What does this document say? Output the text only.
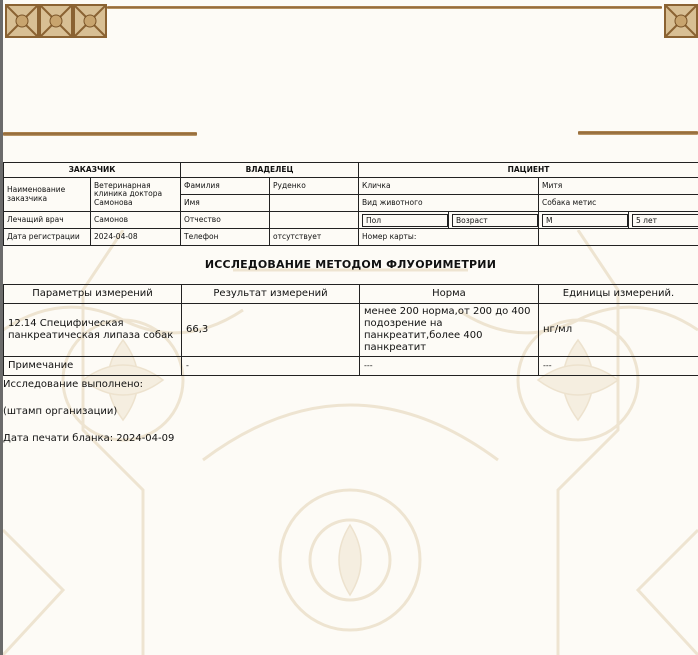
ЗАКАЗЧИК		ВЛАДЕЛЕЦ		ПАЦИЕНТ			
Наименование заказчика	Ветеринарная клиника доктора Самонова	Фамилия	Руденко	Кличка		Митя	
		Имя		Вид животного		Собака метис	
Лечащий врач	Самонов	Отчество		Пол	Возраст	М	5 лет
Дата регистрации	2024-04-08	Телефон	отсутствует	Номер карты:			
ИССЛЕДОВАНИЕ МЕТОДОМ ФЛУОРИМЕТРИИ
Параметры измерений	Результат измерений	Норма	Единицы измерений.
12.14 Специфическая панкреатическая липаза собак	66,3	менее 200 норма,от 200 до 400 подозрение на панкреатит,более 400 панкреатит	нг/мл
Примечание	-	---	---
Исследование выполнено:
(штамп организации)
Дата печати бланка: 2024-04-09
